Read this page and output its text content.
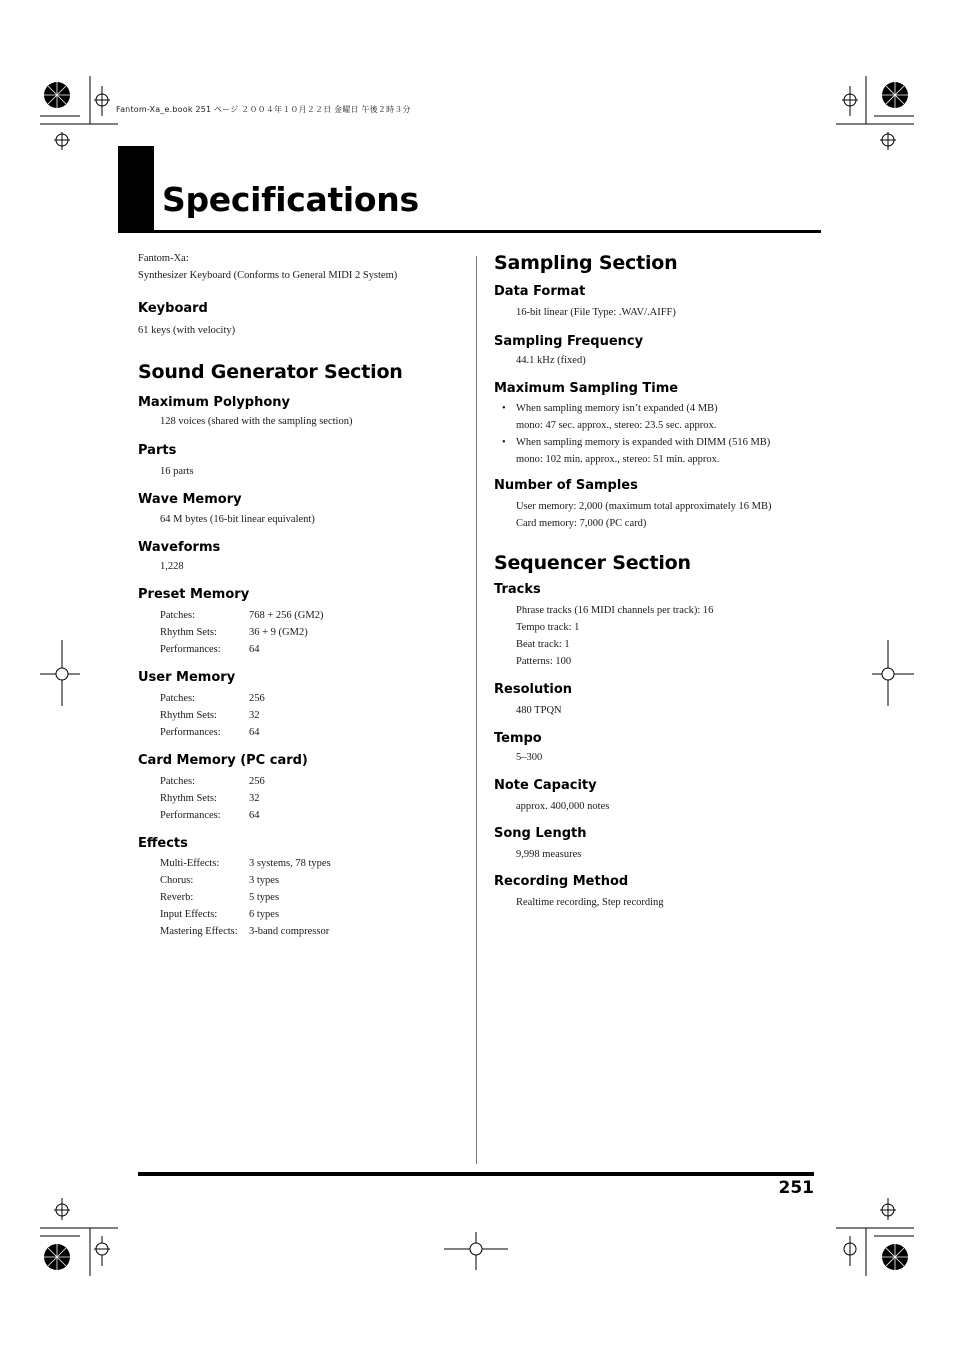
Fantom-Xa_e.book 251 ページ ２００４年１０月２２日 金曜日 午後２時３分
Specifications

Fantom-Xa:

Synthesizer Keyboard (Conforms to General MIDI 2 System)

Keyboard

61 keys (with velocity)

Sound Generator Section
Maximum Polyphony

128 voices (shared with the sampling section)

Parts

16 parts

Wave Memory

64 M bytes (16-bit linear equivalent)

Waveforms

1,228

Preset Memory
Patches:	768 + 256 (GM2)
Rhythm Sets:	36 + 9 (GM2)
Performances:	64
User Memory
Patches:	256
Rhythm Sets:	32
Performances:	64
Card Memory (PC card)
Patches:	256
Rhythm Sets:	32
Performances:	64
Effects
Multi-Effects:	3 systems, 78 types
Chorus:	3 types
Reverb:	5 types
Input Effects:	6 types
Mastering Effects:	3-band compressor
Sampling Section
Data Format

16-bit linear (File Type: .WAV/.AIFF)

Sampling Frequency

44.1 kHz (fixed)

Maximum Sampling Time
• When sampling memory isn’t expanded (4 MB)
mono: 47 sec. approx., stereo: 23.5 sec. approx.
• When sampling memory is expanded with DIMM (516 MB)
mono: 102 min. approx., stereo: 51 min. approx.
Number of Samples

User memory: 2,000 (maximum total approximately 16 MB)

Card memory: 7,000 (PC card)

Sequencer Section
Tracks

Phrase tracks (16 MIDI channels per track): 16

Tempo track: 1

Beat track: 1

Patterns: 100

Resolution

480 TPQN

Tempo

5–300

Note Capacity

approx. 400,000 notes

Song Length

9,998 measures

Recording Method

Realtime recording, Step recording

251
